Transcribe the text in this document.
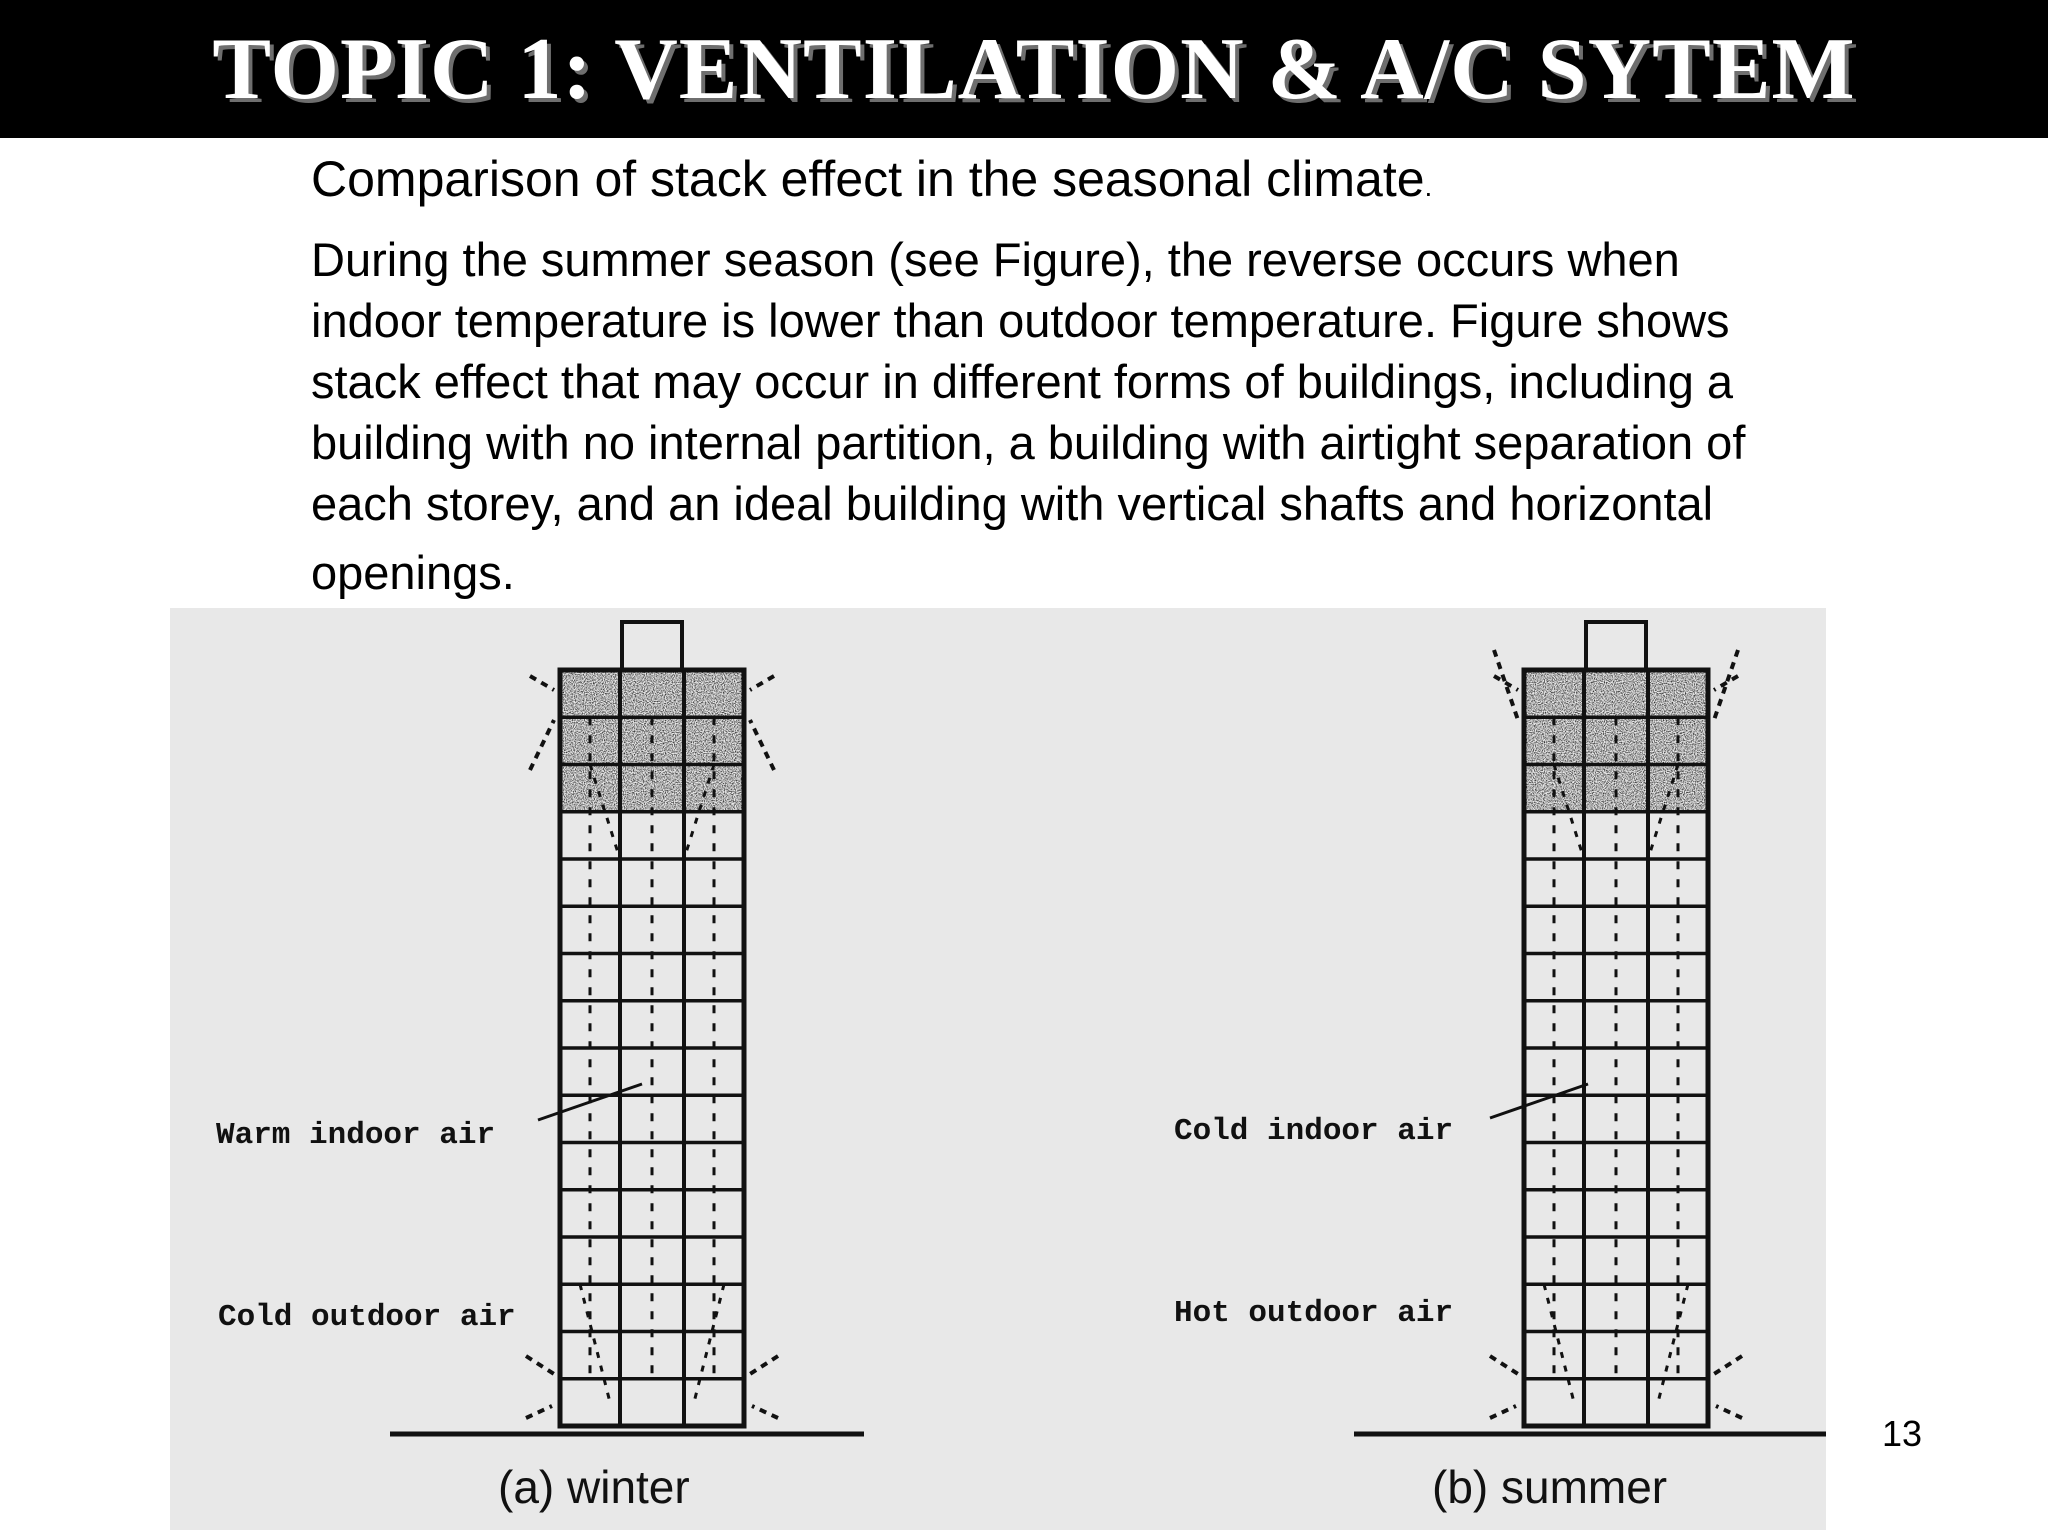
TOPIC 1: VENTILATION & A/C SYTEM
Comparison of stack effect in the seasonal climate.
During the summer season (see Figure), the reverse occurs when
indoor temperature is lower than outdoor temperature. Figure shows
stack effect that may occur in different forms of buildings, including a
building with no internal partition, a building with airtight separation of
each storey, and an ideal building with vertical shafts and horizontal
openings.
Warm indoor air
Cold outdoor air
(a) winter
Cold indoor air
Hot outdoor air
(b) summer
13
